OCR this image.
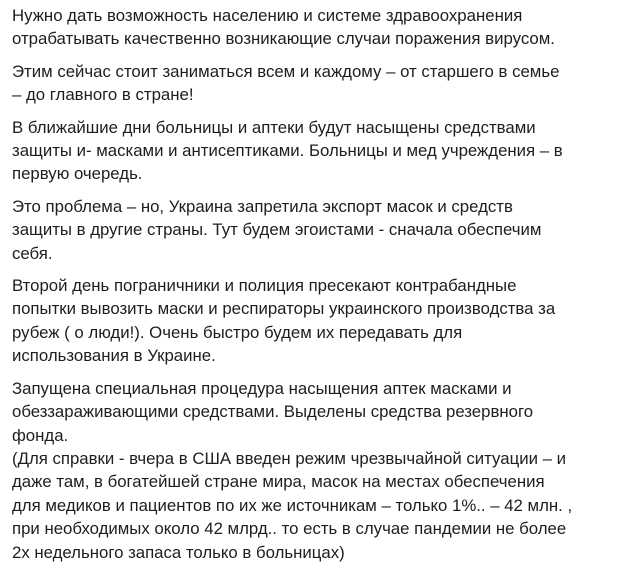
Нужно дать возможность населению и системе здравоохранения
отрабатывать качественно возникающие случаи поражения вирусом.

Этим сейчас стоит заниматься всем и каждому – от старшего в семье
– до главного в стране!

В ближайшие дни больницы и аптеки будут насыщены средствами
защиты и- масками и антисептиками. Больницы и мед учреждения – в
первую очередь.

Это проблема – но, Украина запретила экспорт масок и средств
защиты в другие страны. Тут будем эгоистами - сначала обеспечим
себя.

Второй день пограничники и полиция пресекают контрабандные
попытки вывозить маски и респираторы украинского производства за
рубеж ( о люди!). Очень быстро будем их передавать для
использования в Украине.

Запущена специальная процедура насыщения аптек масками и
обеззараживающими средствами. Выделены средства резервного
фонда.

(Для справки - вчера в США введен режим чрезвычайной ситуации – и
даже там, в богатейшей стране мира, масок на местах обеспечения
для медиков и пациентов по их же источникам – только 1%.. – 42 млн. ,
при необходимых около 42 млрд.. то есть в случае пандемии не более
2х недельного запаса только в больницах)
